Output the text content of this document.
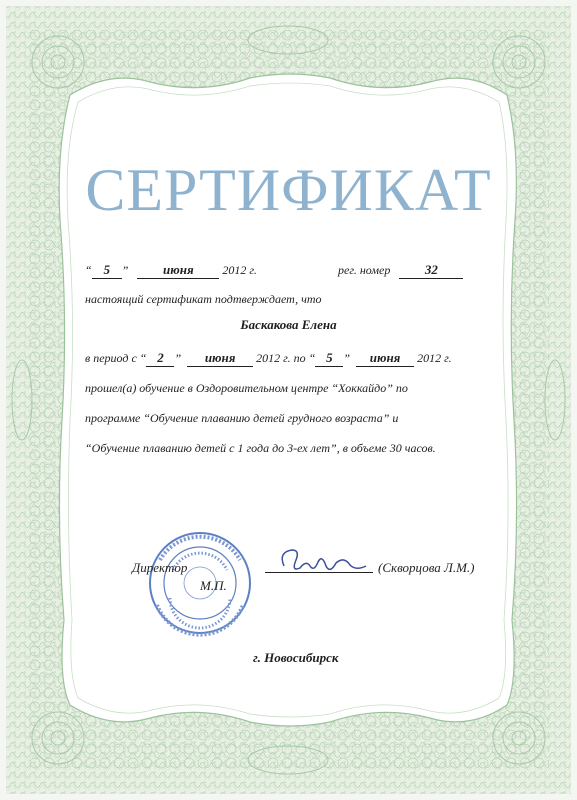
СЕРТИФИКАТ
“ 5 ”	июня 2012 г.	рег. номер	32
настоящий сертификат подтверждает, что
Баскакова Елена
в период с “ 2 ” июня 2012 г. по “ 5 ” июня 2012 г.
прошел(а) обучение в Оздоровительном центре “Хоккайдо” по
программе “Обучение плаванию детей грудного возраста” и
“Обучение плаванию детей с 1 года до 3-ех лет”, в объеме 30 часов.
Директор
М.П.
(Скворцова Л.М.)
г. Новосибирск
